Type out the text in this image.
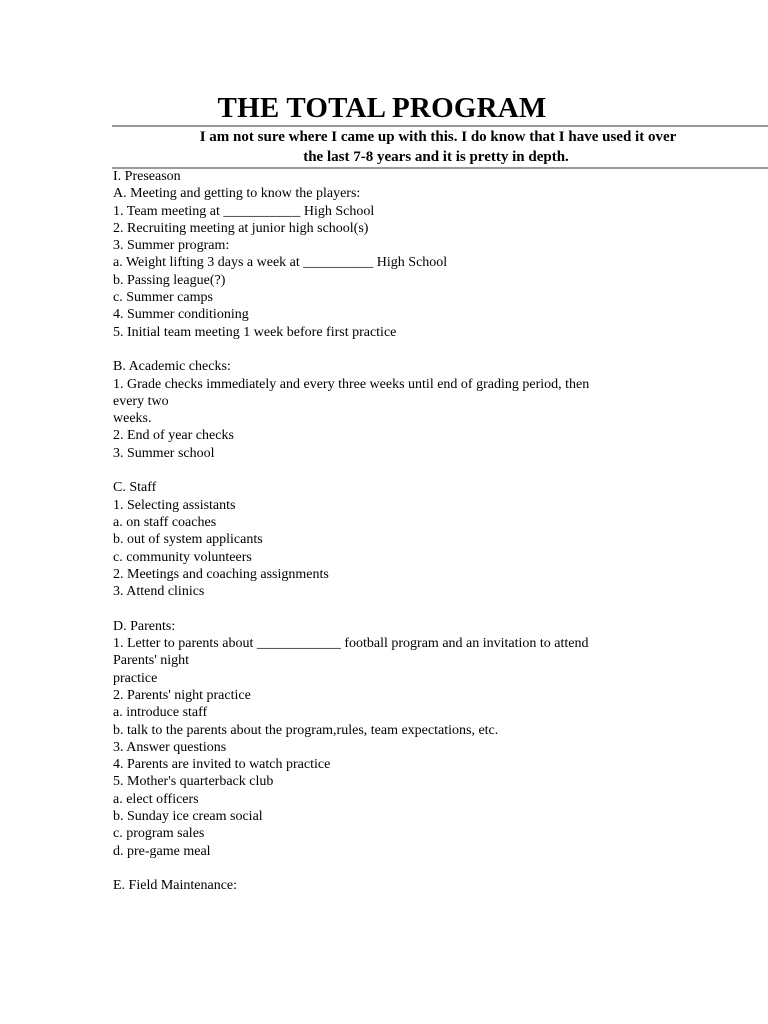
THE TOTAL PROGRAM

I am not sure where I came up with this. I do know that I have used it over
the last 7-8 years and it is pretty in depth.

I. Preseason
A. Meeting and getting to know the players:
1. Team meeting at ___________ High School
2. Recruiting meeting at junior high school(s)
3. Summer program:
a. Weight lifting 3 days a week at __________ High School
b. Passing league(?)
c. Summer camps
4. Summer conditioning
5. Initial team meeting 1 week before first practice
B. Academic checks:
1. Grade checks immediately and every three weeks until end of grading period, then
every two
weeks.
2. End of year checks
3. Summer school
C. Staff
1. Selecting assistants
a. on staff coaches
b. out of system applicants
c. community volunteers
2. Meetings and coaching assignments
3. Attend clinics
D. Parents:
1. Letter to parents about ____________ football program and an invitation to attend
Parents' night
practice
2. Parents' night practice
a. introduce staff
b. talk to the parents about the program,rules, team expectations, etc.
3. Answer questions
4. Parents are invited to watch practice
5. Mother's quarterback club
a. elect officers
b. Sunday ice cream social
c. program sales
d. pre-game meal
E. Field Maintenance:
